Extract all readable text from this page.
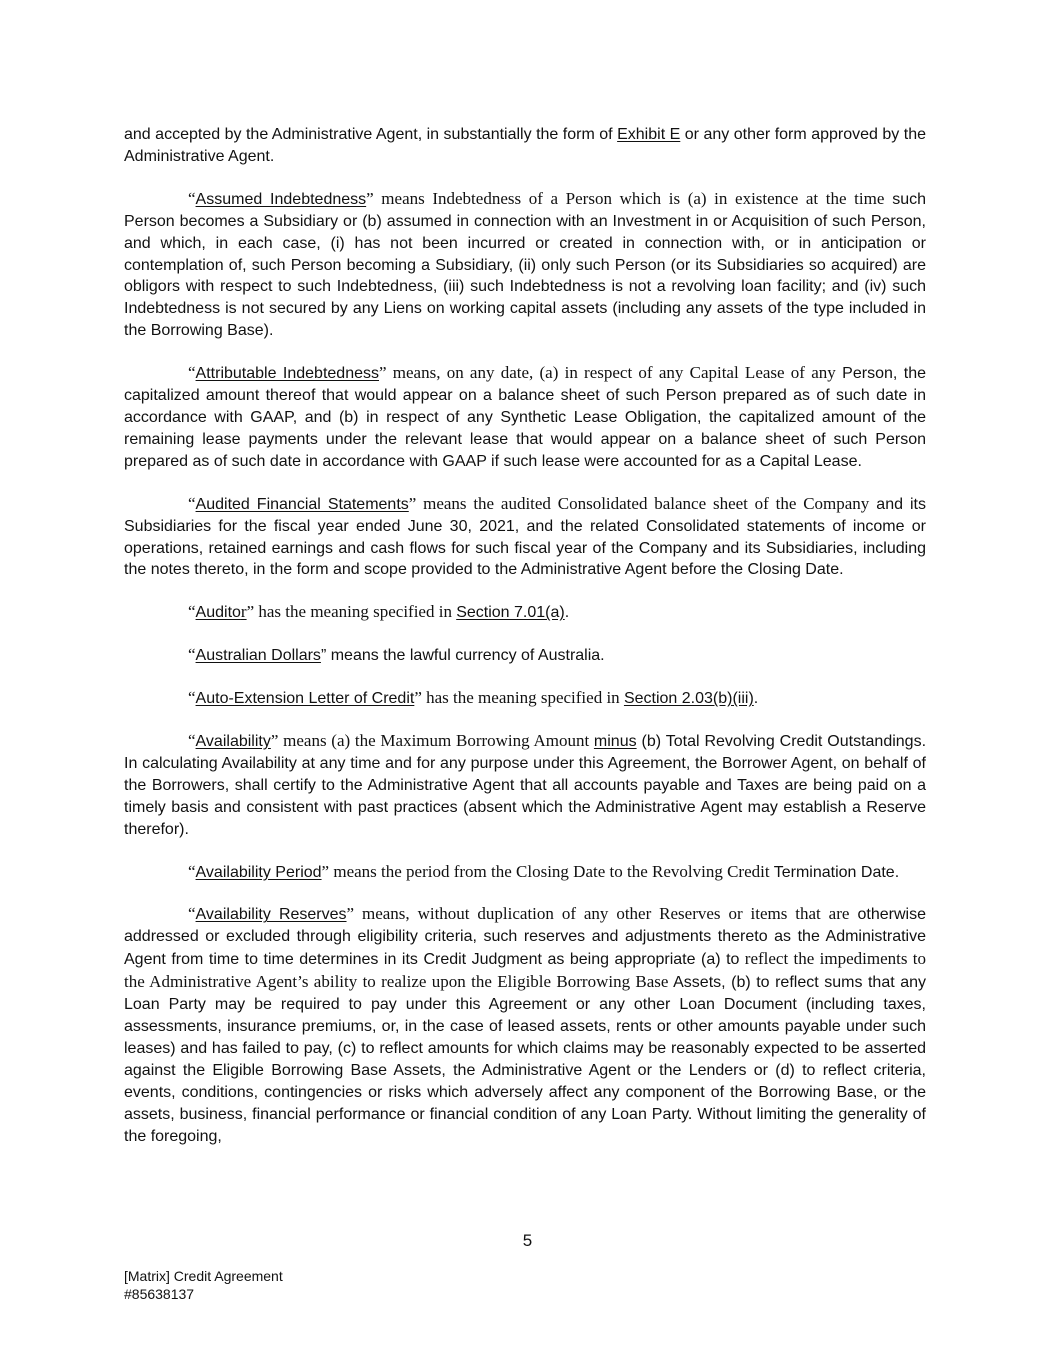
and accepted by the Administrative Agent, in substantially the form of Exhibit E or any other form approved by the Administrative Agent.

“Assumed Indebtedness” means Indebtedness of a Person which is (a) in existence at the time such Person becomes a Subsidiary or (b) assumed in connection with an Investment in or Acquisition of such Person, and which, in each case, (i) has not been incurred or created in connection with, or in anticipation or contemplation of, such Person becoming a Subsidiary, (ii) only such Person (or its Subsidiaries so acquired) are obligors with respect to such Indebtedness, (iii) such Indebtedness is not a revolving loan facility; and (iv) such Indebtedness is not secured by any Liens on working capital assets (including any assets of the type included in the Borrowing Base).

“Attributable Indebtedness” means, on any date, (a) in respect of any Capital Lease of any Person, the capitalized amount thereof that would appear on a balance sheet of such Person prepared as of such date in accordance with GAAP, and (b) in respect of any Synthetic Lease Obligation, the capitalized amount of the remaining lease payments under the relevant lease that would appear on a balance sheet of such Person prepared as of such date in accordance with GAAP if such lease were accounted for as a Capital Lease.

“Audited Financial Statements” means the audited Consolidated balance sheet of the Company and its Subsidiaries for the fiscal year ended June 30, 2021, and the related Consolidated statements of income or operations, retained earnings and cash flows for such fiscal year of the Company and its Subsidiaries, including the notes thereto, in the form and scope provided to the Administrative Agent before the Closing Date.

“Auditor” has the meaning specified in Section 7.01(a).

“Australian Dollars” means the lawful currency of Australia.

“Auto-Extension Letter of Credit” has the meaning specified in Section 2.03(b)(iii).

“Availability” means (a) the Maximum Borrowing Amount minus (b) Total Revolving Credit Outstandings. In calculating Availability at any time and for any purpose under this Agreement, the Borrower Agent, on behalf of the Borrowers, shall certify to the Administrative Agent that all accounts payable and Taxes are being paid on a timely basis and consistent with past practices (absent which the Administrative Agent may establish a Reserve therefor).

“Availability Period” means the period from the Closing Date to the Revolving Credit Termination Date.

“Availability Reserves” means, without duplication of any other Reserves or items that are otherwise addressed or excluded through eligibility criteria, such reserves and adjustments thereto as the Administrative Agent from time to time determines in its Credit Judgment as being appropriate (a) to reflect the impediments to the Administrative Agent’s ability to realize upon the Eligible Borrowing Base Assets, (b) to reflect sums that any Loan Party may be required to pay under this Agreement or any other Loan Document (including taxes, assessments, insurance premiums, or, in the case of leased assets, rents or other amounts payable under such leases) and has failed to pay, (c) to reflect amounts for which claims may be reasonably expected to be asserted against the Eligible Borrowing Base Assets, the Administrative Agent or the Lenders or (d) to reflect criteria, events, conditions, contingencies or risks which adversely affect any component of the Borrowing Base, or the assets, business, financial performance or financial condition of any Loan Party. Without limiting the generality of the foregoing,

5
[Matrix] Credit Agreement
#85638137
